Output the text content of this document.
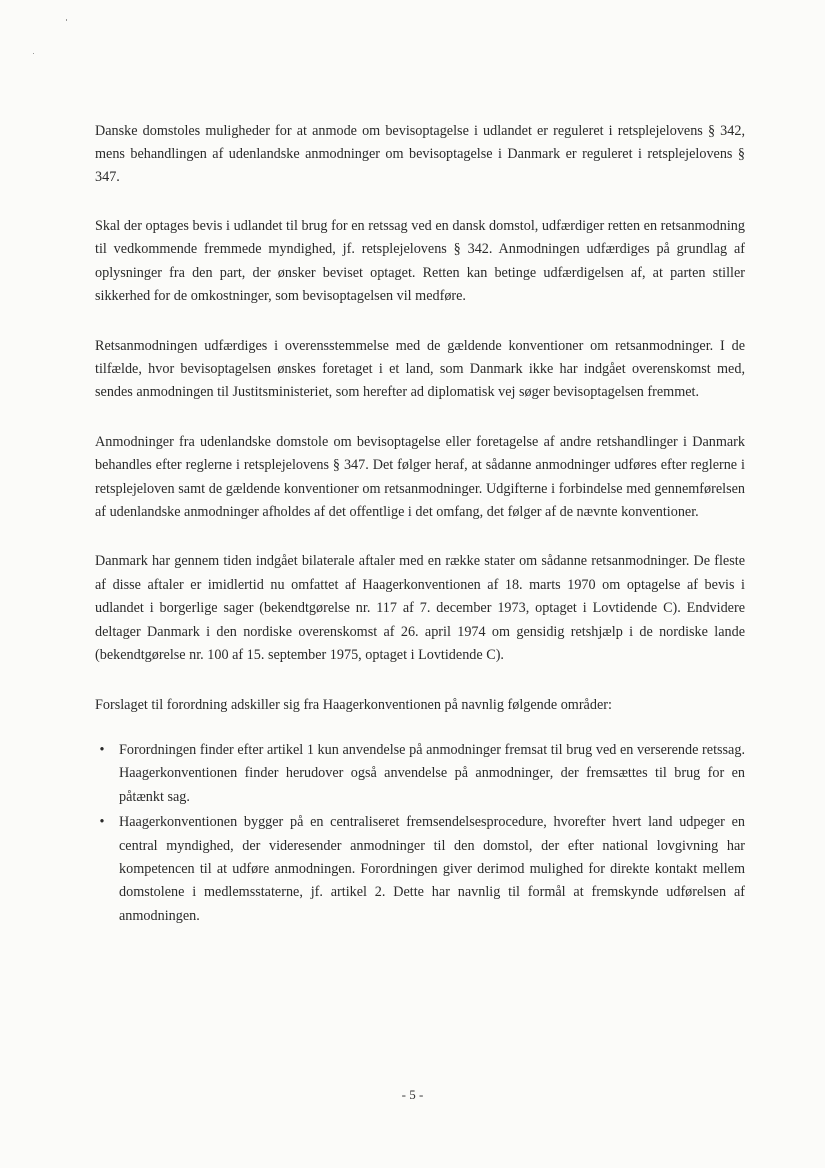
Danske domstoles muligheder for at anmode om bevisoptagelse i udlandet er reguleret i retsplejelovens § 342, mens behandlingen af udenlandske anmodninger om bevisoptagelse i Danmark er reguleret i retsplejelovens § 347.

Skal der optages bevis i udlandet til brug for en retssag ved en dansk domstol, udfærdiger retten en retsanmodning til vedkommende fremmede myndighed, jf. retsplejelovens § 342. Anmodningen udfærdiges på grundlag af oplysninger fra den part, der ønsker beviset optaget. Retten kan betinge udfærdigelsen af, at parten stiller sikkerhed for de omkostninger, som bevisoptagelsen vil medføre.

Retsanmodningen udfærdiges i overensstemmelse med de gældende konventioner om retsanmodninger. I de tilfælde, hvor bevisoptagelsen ønskes foretaget i et land, som Danmark ikke har indgået overenskomst med, sendes anmodningen til Justitsministeriet, som herefter ad diplomatisk vej søger bevisoptagelsen fremmet.

Anmodninger fra udenlandske domstole om bevisoptagelse eller foretagelse af andre retshandlinger i Danmark behandles efter reglerne i retsplejelovens § 347. Det følger heraf, at sådanne anmodninger udføres efter reglerne i retsplejeloven samt de gældende konventioner om retsanmodninger. Udgifterne i forbindelse med gennemførelsen af udenlandske anmodninger afholdes af det offentlige i det omfang, det følger af de nævnte konventioner.

Danmark har gennem tiden indgået bilaterale aftaler med en række stater om sådanne retsanmodninger. De fleste af disse aftaler er imidlertid nu omfattet af Haagerkonventionen af 18. marts 1970 om optagelse af bevis i udlandet i borgerlige sager (bekendtgørelse nr. 117 af 7. december 1973, optaget i Lovtidende C). Endvidere deltager Danmark i den nordiske overenskomst af 26. april 1974 om gensidig retshjælp i de nordiske lande (bekendtgørelse nr. 100 af 15. september 1975, optaget i Lovtidende C).

Forslaget til forordning adskiller sig fra Haagerkonventionen på navnlig følgende områder:

•	Forordningen finder efter artikel 1 kun anvendelse på anmodninger fremsat til brug ved en verserende retssag. Haagerkonventionen finder herudover også anvendelse på anmodninger, der fremsættes til brug for en påtænkt sag.
•	Haagerkonventionen bygger på en centraliseret fremsendelsesprocedure, hvorefter hvert land udpeger en central myndighed, der videresender anmodninger til den domstol, der efter national lovgivning har kompetencen til at udføre anmodningen. Forordningen giver derimod mulighed for direkte kontakt mellem domstolene i medlemsstaterne, jf. artikel 2. Dette har navnlig til formål at fremskynde udførelsen af anmodningen.
- 5 -
